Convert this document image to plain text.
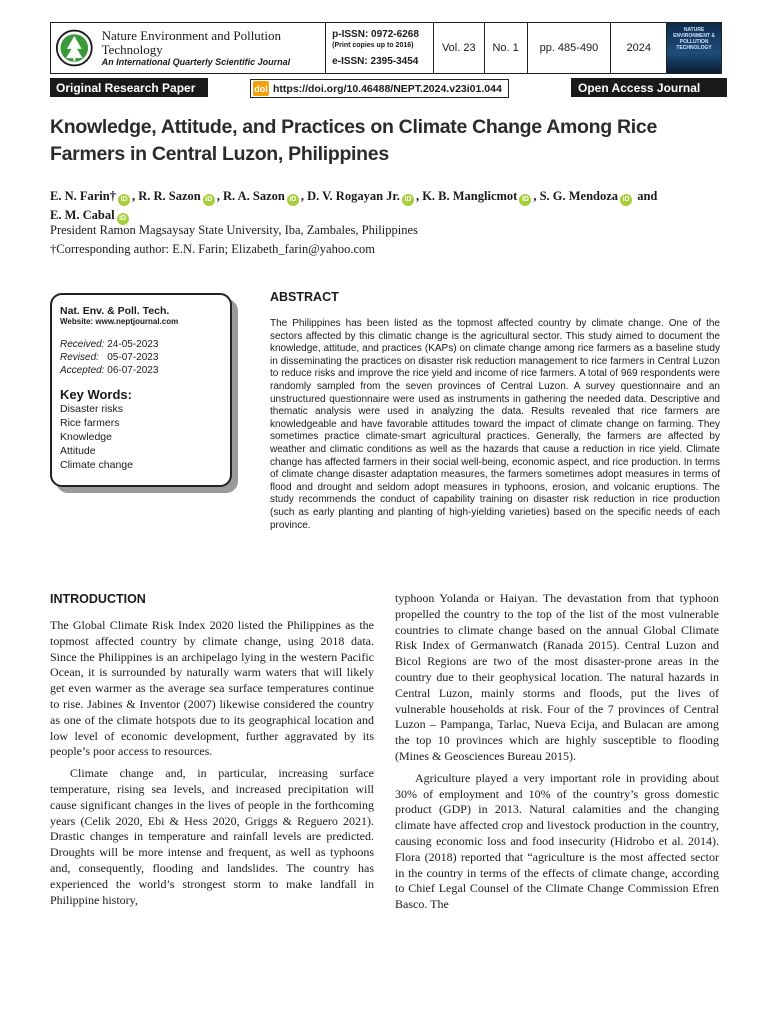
Nature Environment and Pollution Technology
An International Quarterly Scientific Journal
p-ISSN: 0972-6268
(Print copies up to 2016)
e-ISSN: 2395-3454
Vol. 23	No. 1	pp. 485-490	2024
NATURE ENVIRONMENT & POLLUTION TECHNOLOGY
Original Research Paper	Open Access Journal
doi https://doi.org/10.46488/NEPT.2024.v23i01.044
Knowledge, Attitude, and Practices on Climate Change Among Rice Farmers in Central Luzon, Philippines
E. N. Farin† iD , R. R. Sazon iD , R. A. Sazon iD , D. V. Rogayan Jr. iD , K. B. Manglicmot iD , S. G. Mendoza iD and
E. M. Cabal iD
President Ramon Magsaysay State University, Iba, Zambales, Philippines
†Corresponding author: E.N. Farin; Elizabeth_farin@yahoo.com
Nat. Env. & Poll. Tech.
Website: www.neptjournal.com
Received: 24-05-2023
Revised: 05-07-2023
Accepted: 06-07-2023
Key Words:
Disaster risks
Rice farmers
Knowledge
Attitude
Climate change
ABSTRACT
The Philippines has been listed as the topmost affected country by climate change. One of the sectors affected by this climatic change is the agricultural sector. This study aimed to document the knowledge, attitude, and practices (KAPs) on climate change among rice farmers as a baseline study in disseminating the practices on disaster risk reduction management to rice farmers in Central Luzon to reduce risks and improve the rice yield and income of rice farmers. A total of 969 respondents were randomly sampled from the seven provinces of Central Luzon. A survey questionnaire and an unstructured questionnaire were used as instruments in gathering the needed data. Descriptive and thematic analysis were used in analyzing the data. Results revealed that rice farmers are knowledgeable and have favorable attitudes toward the impact of climate change on farming. They sometimes practice climate-smart agricultural practices. Generally, the farmers are affected by weather and climatic conditions as well as the hazards that cause a reduction in rice yield. Climate change has affected farmers in their social well-being, economic aspect, and rice production. In terms of climate change disaster adaptation measures, the farmers sometimes adopt measures in terms of flood and drought and seldom adopt measures in typhoons, erosion, and volcanic eruptions. The study recommends the conduct of capability training on disaster risk reduction in rice production (such as early planting and planting of high-yielding varieties) based on the specific needs of each province.
INTRODUCTION

The Global Climate Risk Index 2020 listed the Philippines as the topmost affected country by climate change, using 2018 data. Since the Philippines is an archipelago lying in the western Pacific Ocean, it is surrounded by naturally warm waters that will likely get even warmer as the average sea surface temperatures continue to rise. Jabines & Inventor (2007) likewise considered the country as one of the climate hotspots due to its geographical location and low level of economic development, further aggravated by its people’s poor access to resources.

Climate change and, in particular, increasing surface temperature, rising sea levels, and increased precipitation will cause significant changes in the lives of people in the forthcoming years (Celik 2020, Ebi & Hess 2020, Griggs & Reguero 2021). Drastic changes in temperature and rainfall levels are predicted. Droughts will be more intense and frequent, as well as typhoons and, consequently, flooding and landslides. The country has experienced the world’s strongest storm to make landfall in Philippine history,

typhoon Yolanda or Haiyan. The devastation from that typhoon propelled the country to the top of the list of the most vulnerable countries to climate change based on the annual Global Climate Risk Index of Germanwatch (Ranada 2015). Central Luzon and Bicol Regions are two of the most disaster-prone areas in the country due to their geophysical location. The natural hazards in Central Luzon, mainly storms and floods, put the lives of vulnerable households at risk. Four of the 7 provinces of Central Luzon – Pampanga, Tarlac, Nueva Ecija, and Bulacan are among the top 10 provinces which are highly susceptible to flooding (Mines & Geosciences Bureau 2015).

Agriculture played a very important role in providing about 30% of employment and 10% of the country’s gross domestic product (GDP) in 2013. Natural calamities and the changing climate have affected crop and livestock production in the country, causing economic loss and food insecurity (Hidrobo et al. 2014). Flora (2018) reported that “agriculture is the most affected sector in the country in terms of the effects of climate change, according to Chief Legal Counsel of the Climate Change Commission Efren Basco. The
